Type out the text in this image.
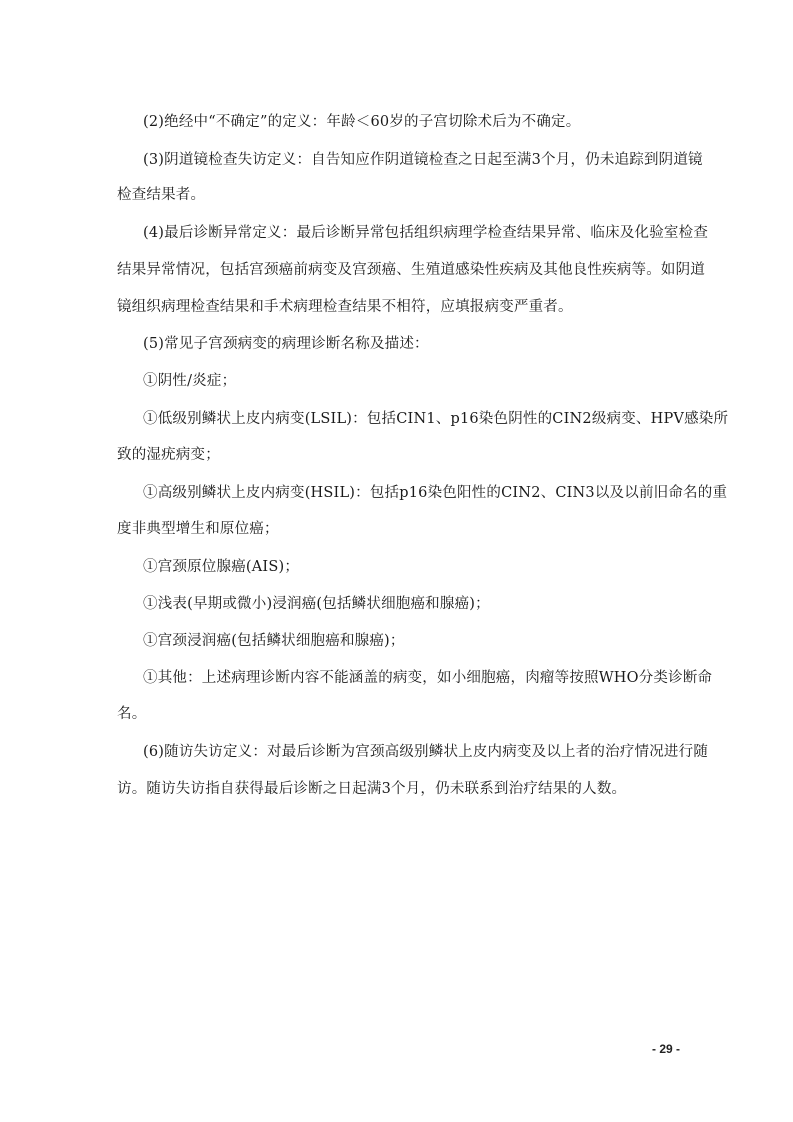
(2)绝经中“不确定”的定义：年龄＜60岁的子宫切除术后为不确定。
(3)阴道镜检查失访定义：自告知应作阴道镜检查之日起至满3个月，仍未追踪到阴道镜
检查结果者。
(4)最后诊断异常定义：最后诊断异常包括组织病理学检查结果异常、临床及化验室检查
结果异常情况，包括宫颈癌前病变及宫颈癌、生殖道感染性疾病及其他良性疾病等。如阴道
镜组织病理检查结果和手术病理检查结果不相符，应填报病变严重者。
(5)常见子宫颈病变的病理诊断名称及描述：
①阴性/炎症；
①低级别鳞状上皮内病变(LSIL)：包括CIN1、p16染色阴性的CIN2级病变、HPV感染所
致的湿疣病变；
①高级别鳞状上皮内病变(HSIL)：包括p16染色阳性的CIN2、CIN3以及以前旧命名的重
度非典型增生和原位癌；
①宫颈原位腺癌(AIS)；
①浅表(早期或微小)浸润癌(包括鳞状细胞癌和腺癌)；
①宫颈浸润癌(包括鳞状细胞癌和腺癌)；
①其他：上述病理诊断内容不能涵盖的病变，如小细胞癌，肉瘤等按照WHO分类诊断命
名。
(6)随访失访定义：对最后诊断为宫颈高级别鳞状上皮内病变及以上者的治疗情况进行随
访。随访失访指自获得最后诊断之日起满3个月，仍未联系到治疗结果的人数。
- 29 -
